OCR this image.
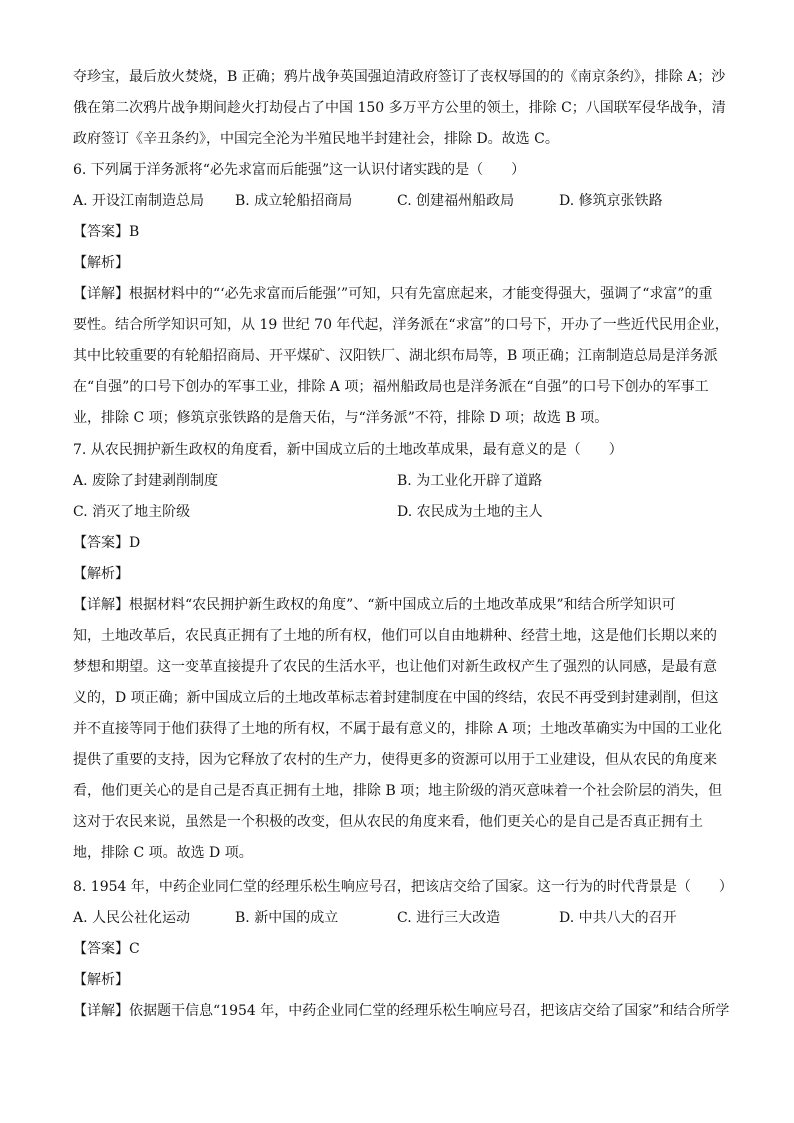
夺珍宝，最后放火焚烧，B 正确；鸦片战争英国强迫清政府签订了丧权辱国的的《南京条约》，排除 A；沙
俄在第二次鸦片战争期间趁火打劫侵占了中国 150 多万平方公里的领土，排除 C；八国联军侵华战争，清
政府签订《辛丑条约》，中国完全沦为半殖民地半封建社会，排除 D。故选 C。
6. 下列属于洋务派将“必先求富而后能强”这一认识付诸实践的是（　　）
A. 开设江南制造总局 B. 成立轮船招商局	C. 创建福州船政局	D. 修筑京张铁路
【答案】B
【解析】
【详解】根据材料中的“‘必先求富而后能强’”可知，只有先富庶起来，才能变得强大，强调了“求富”的重
要性。结合所学知识可知，从 19 世纪 70 年代起，洋务派在“求富”的口号下，开办了一些近代民用企业，
其中比较重要的有轮船招商局、开平煤矿、汉阳铁厂、湖北织布局等，B 项正确；江南制造总局是洋务派
在“自强”的口号下创办的军事工业，排除 A 项；福州船政局也是洋务派在“自强”的口号下创办的军事工
业，排除 C 项；修筑京张铁路的是詹天佑，与“洋务派”不符，排除 D 项；故选 B 项。
7. 从农民拥护新生政权的角度看，新中国成立后的土地改革成果，最有意义的是（　　）
A. 废除了封建剥削制度	B. 为工业化开辟了道路
C. 消灭了地主阶级	D. 农民成为土地的主人
【答案】D
【解析】
【详解】根据材料“农民拥护新生政权的角度”、“新中国成立后的土地改革成果”和结合所学知识可
知，土地改革后，农民真正拥有了土地的所有权，他们可以自由地耕种、经营土地，这是他们长期以来的
梦想和期望。这一变革直接提升了农民的生活水平，也让他们对新生政权产生了强烈的认同感，是最有意
义的，D 项正确；新中国成立后的土地改革标志着封建制度在中国的终结，农民不再受到封建剥削，但这
并不直接等同于他们获得了土地的所有权，不属于最有意义的，排除 A 项；土地改革确实为中国的工业化
提供了重要的支持，因为它释放了农村的生产力，使得更多的资源可以用于工业建设，但从农民的角度来
看，他们更关心的是自己是否真正拥有土地，排除 B 项；地主阶级的消灭意味着一个社会阶层的消失，但
这对于农民来说，虽然是一个积极的改变，但从农民的角度来看，他们更关心的是自己是否真正拥有土
地，排除 C 项。故选 D 项。
8. 1954 年，中药企业同仁堂的经理乐松生响应号召，把该店交给了国家。这一行为的时代背景是（　　）
A. 人民公社化运动	B. 新中国的成立	C. 进行三大改造	D. 中共八大的召开
【答案】C
【解析】
【详解】依据题干信息“1954 年，中药企业同仁堂的经理乐松生响应号召，把该店交给了国家”和结合所学
